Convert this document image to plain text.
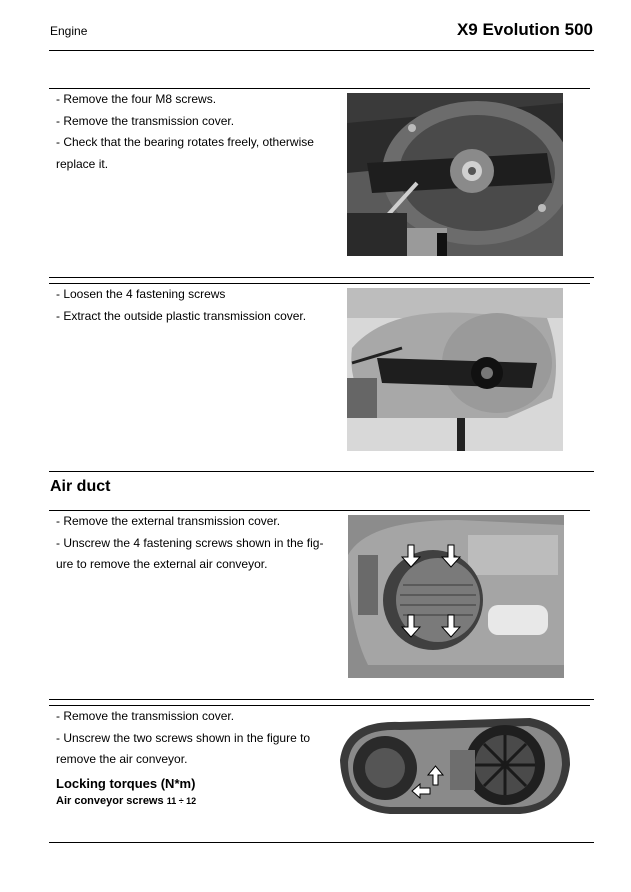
Engine	X9 Evolution 500

- Remove the four M8 screws.

- Remove the transmission cover.

- Check that the bearing rotates freely, otherwise

replace it.

- Loosen the 4 fastening screws

- Extract the outside plastic transmission cover.

Air duct

- Remove the external transmission cover.

- Unscrew the 4 fastening screws shown in the fig-

ure to remove the external air conveyor.

- Remove the transmission cover.

- Unscrew the two screws shown in the figure to

remove the air conveyor.

Locking torques (N*m)

Air conveyor screws 11 ÷ 12
